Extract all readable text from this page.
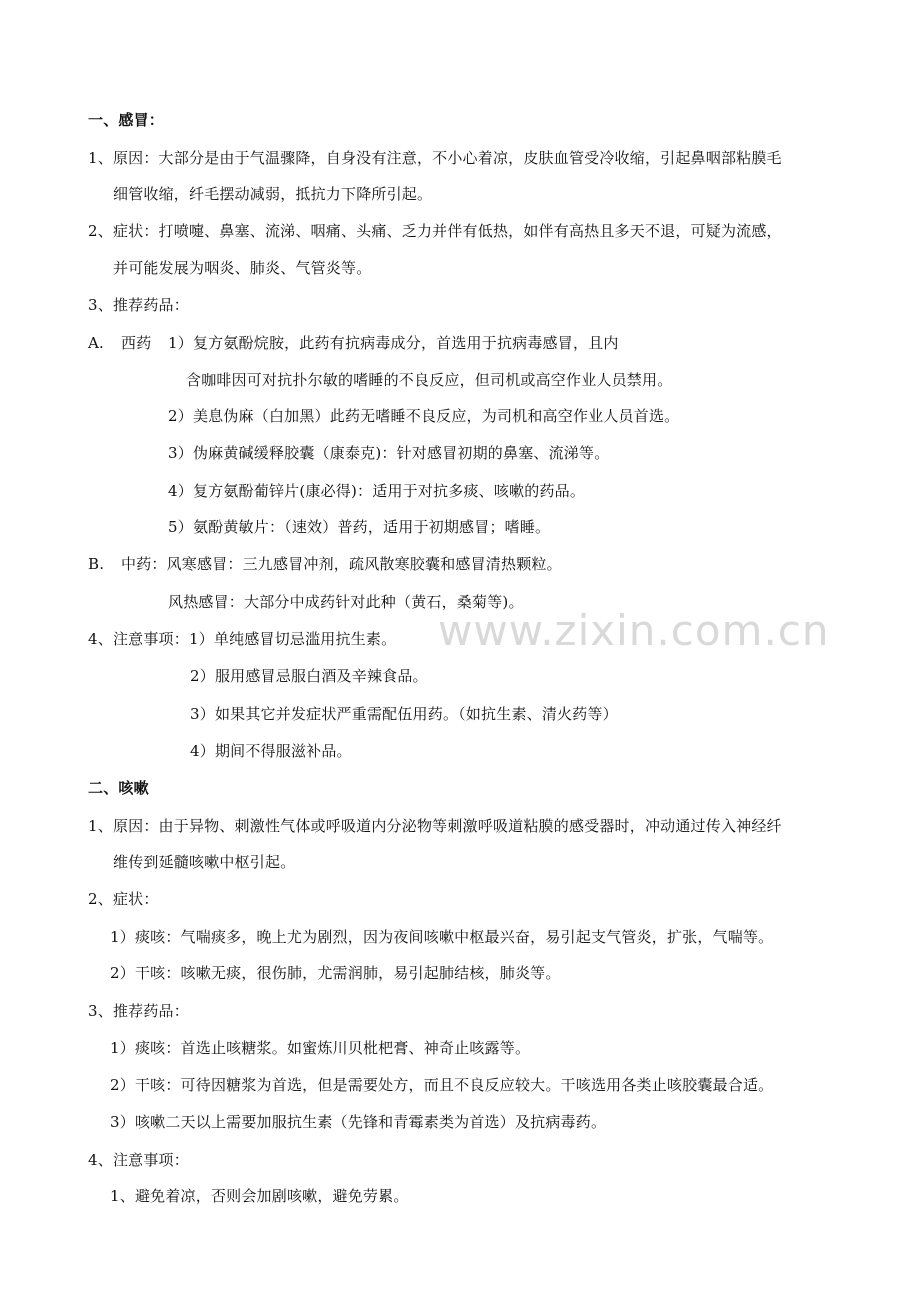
一、感冒：
1、原因：大部分是由于气温骤降，自身没有注意，不小心着凉，皮肤血管受冷收缩，引起鼻咽部粘膜毛
细管收缩，纤毛摆动减弱，抵抗力下降所引起。
2、症状：打喷嚏、鼻塞、流涕、咽痛、头痛、乏力并伴有低热，如伴有高热且多天不退，可疑为流感，
并可能发展为咽炎、肺炎、气管炎等。
3、推荐药品：
A. 西药 1）复方氨酚烷胺，此药有抗病毒成分，首选用于抗病毒感冒，且内
含咖啡因可对抗扑尔敏的嗜睡的不良反应，但司机或高空作业人员禁用。
2）美息伪麻（白加黑）此药无嗜睡不良反应，为司机和高空作业人员首选。
3）伪麻黄碱缓释胶囊（康泰克)：针对感冒初期的鼻塞、流涕等。
4）复方氨酚葡锌片(康必得)：适用于对抗多痰、咳嗽的药品。
5）氨酚黄敏片：（速效）普药，适用于初期感冒；嗜睡。
B. 中药：风寒感冒：三九感冒冲剂，疏风散寒胶囊和感冒清热颗粒。
风热感冒：大部分中成药针对此种（黄石，桑菊等)。
4、注意事项：1）单纯感冒切忌滥用抗生素。
2）服用感冒忌服白酒及辛辣食品。
3）如果其它并发症状严重需配伍用药。（如抗生素、清火药等）
4）期间不得服滋补品。
二、咳嗽
1、原因：由于异物、刺激性气体或呼吸道内分泌物等刺激呼吸道粘膜的感受器时，冲动通过传入神经纤
维传到延髓咳嗽中枢引起。
2、症状：
1）痰咳：气喘痰多，晚上尤为剧烈，因为夜间咳嗽中枢最兴奋，易引起支气管炎，扩张，气喘等。
2）干咳：咳嗽无痰，很伤肺，尤需润肺，易引起肺结核，肺炎等。
3、推荐药品：
1）痰咳：首选止咳糖浆。如蜜炼川贝枇杷膏、神奇止咳露等。
2）干咳：可待因糖浆为首选，但是需要处方，而且不良反应较大。干咳选用各类止咳胶囊最合适。
3）咳嗽二天以上需要加服抗生素（先锋和青霉素类为首选）及抗病毒药。
4、注意事项：
1、避免着凉，否则会加剧咳嗽，避免劳累。
www.zixin.com.cn
